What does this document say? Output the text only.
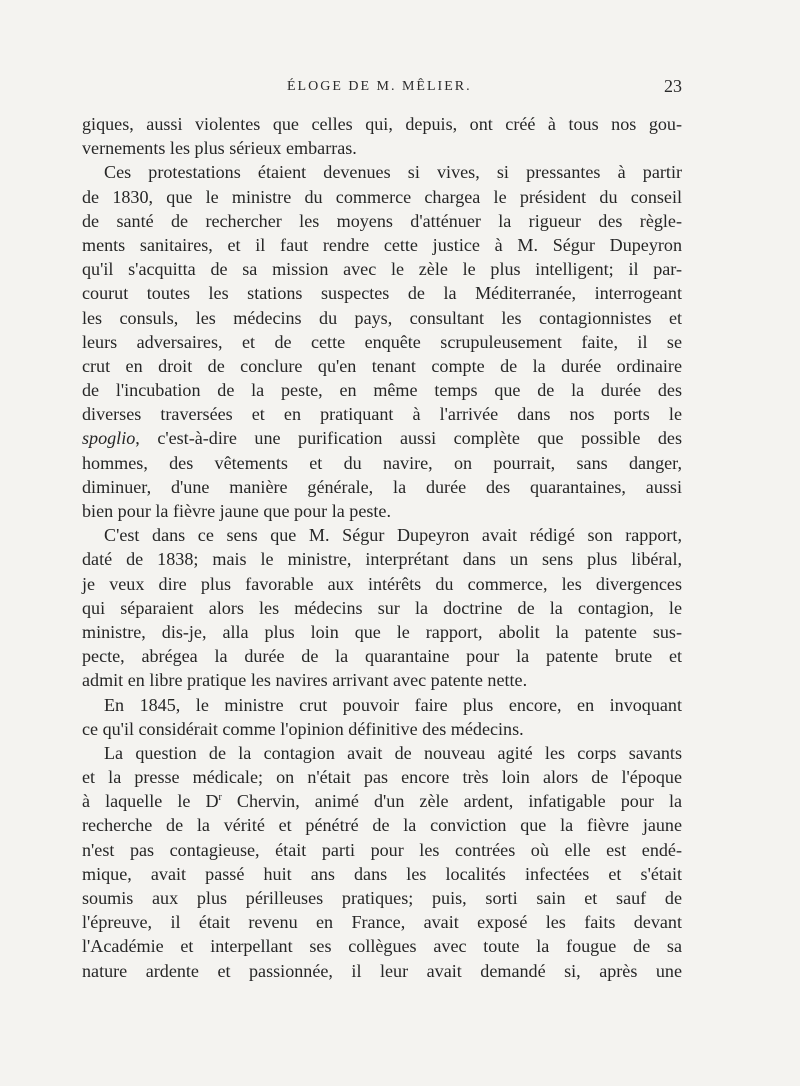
ÉLOGE DE M. MÊLIER.	23
giques, aussi violentes que celles qui, depuis, ont créé à tous nos gou-
vernements les plus sérieux embarras.
Ces protestations étaient devenues si vives, si pressantes à partir
de 1830, que le ministre du commerce chargea le président du conseil
de santé de rechercher les moyens d'atténuer la rigueur des règle-
ments sanitaires, et il faut rendre cette justice à M. Ségur Dupeyron
qu'il s'acquitta de sa mission avec le zèle le plus intelligent; il par-
courut toutes les stations suspectes de la Méditerranée, interrogeant
les consuls, les médecins du pays, consultant les contagionnistes et
leurs adversaires, et de cette enquête scrupuleusement faite, il se
crut en droit de conclure qu'en tenant compte de la durée ordinaire
de l'incubation de la peste, en même temps que de la durée des
diverses traversées et en pratiquant à l'arrivée dans nos ports le
spoglio, c'est-à-dire une purification aussi complète que possible des
hommes, des vêtements et du navire, on pourrait, sans danger,
diminuer, d'une manière générale, la durée des quarantaines, aussi
bien pour la fièvre jaune que pour la peste.
C'est dans ce sens que M. Ségur Dupeyron avait rédigé son rapport,
daté de 1838; mais le ministre, interprétant dans un sens plus libéral,
je veux dire plus favorable aux intérêts du commerce, les divergences
qui séparaient alors les médecins sur la doctrine de la contagion, le
ministre, dis-je, alla plus loin que le rapport, abolit la patente sus-
pecte, abrégea la durée de la quarantaine pour la patente brute et
admit en libre pratique les navires arrivant avec patente nette.
En 1845, le ministre crut pouvoir faire plus encore, en invoquant
ce qu'il considérait comme l'opinion définitive des médecins.
La question de la contagion avait de nouveau agité les corps savants
et la presse médicale; on n'était pas encore très loin alors de l'époque
à laquelle le $D^r$ Chervin, animé d'un zèle ardent, infatigable pour la
recherche de la vérité et pénétré de la conviction que la fièvre jaune
n'est pas contagieuse, était parti pour les contrées où elle est endé-
mique, avait passé huit ans dans les localités infectées et s'était
soumis aux plus périlleuses pratiques; puis, sorti sain et sauf de
l'épreuve, il était revenu en France, avait exposé les faits devant
l'Académie et interpellant ses collègues avec toute la fougue de sa
nature ardente et passionnée, il leur avait demandé si, après une
